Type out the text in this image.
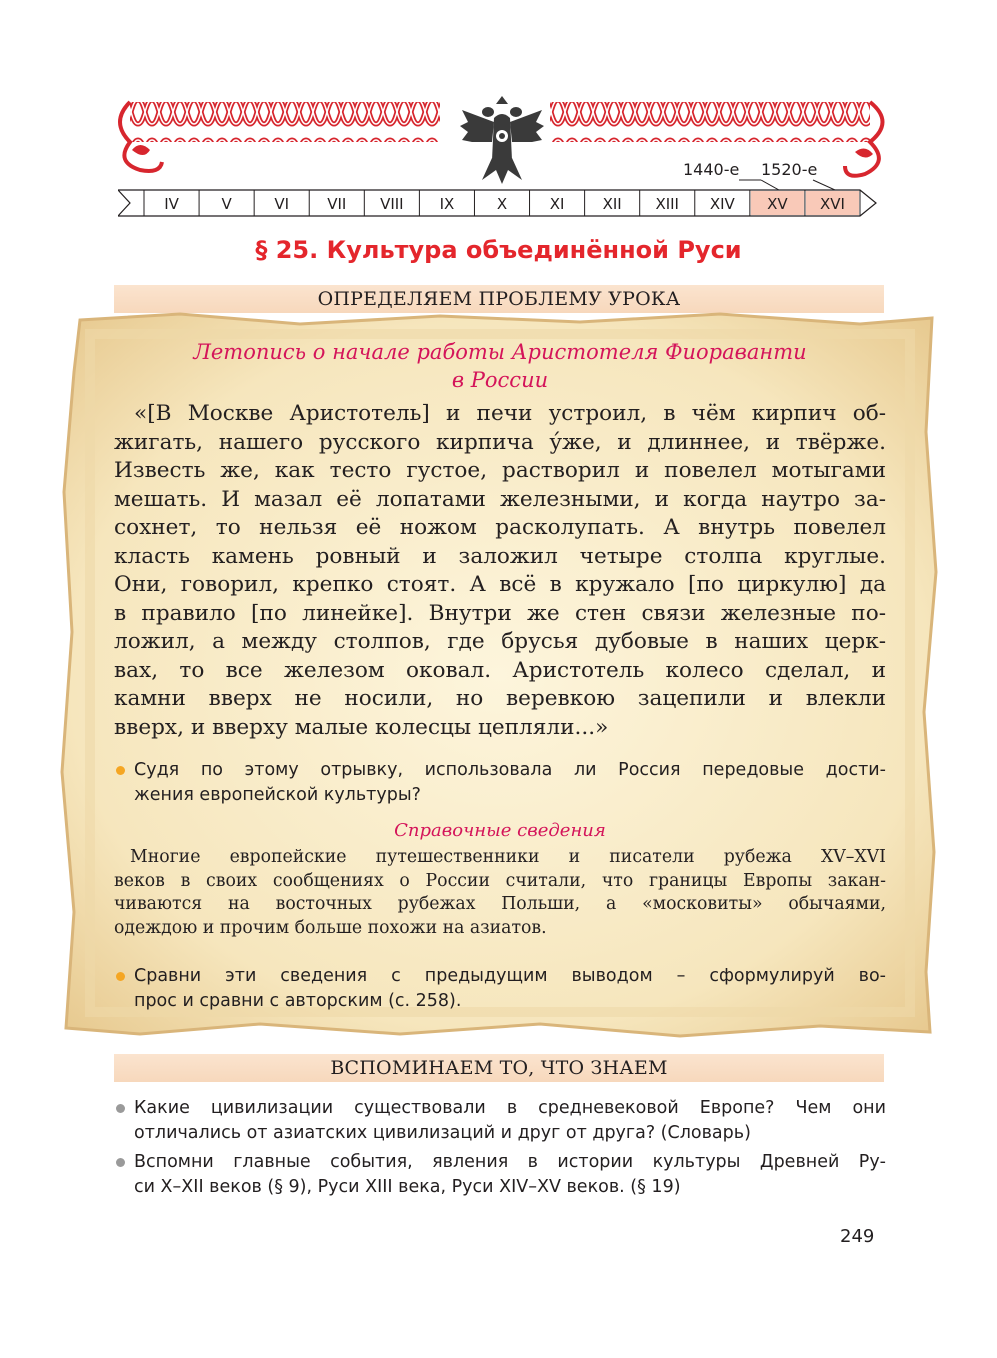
1440-е 1520-е
IV	V	VI	VII VIII IX	X	XI	XII XIII XIV XV XVI
§ 25. Культура объединённой Руси
ОПРЕДЕЛЯЕМ ПРОБЛЕМУ УРОКА
Летопись о начале работы Аристотеля Фиораванти
в России
«[В Москве Аристотель] и печи устроил, в чём кирпич об-
жигать, нашего русского кирпича у́же, и длиннее, и твёрже.
Известь же, как тесто густое, растворил и повелел мотыгами
мешать. И мазал её лопатами железными, и когда наутро за-
сохнет, то нельзя её ножом расколупать. А внутрь повелел
класть камень ровный и заложил четыре столпа круглые.
Они, говорил, крепко стоят. А всё в кружало [по циркулю] да
в правило [по линейке]. Внутри же стен связи железные по-
ложил, а между столпов, где брусья дубовые в наших церк-
вах, то все железом оковал. Аристотель колесо сделал, и
камни вверх не носили, но веревкою зацепили и влекли
вверх, и вверху малые колесцы цепляли...»
Судя по этому отрывку, использовала ли Россия передовые дости-
жения европейской культуры?
Справочные сведения
Многие европейские путешественники и писатели рубежа XV–XVI
веков в своих сообщениях о России считали, что границы Европы закан-
чиваются на восточных рубежах Польши, а «московиты» обычаями,
одеждою и прочим больше похожи на азиатов.
Сравни эти сведения с предыдущим выводом – сформулируй во-
прос и сравни с авторским (с. 258).
ВСПОМИНАЕМ ТО, ЧТО ЗНАЕМ
Какие цивилизации существовали в средневековой Европе? Чем они
отличались от азиатских цивилизаций и друг от друга? (Словарь)
Вспомни главные события, явления в истории культуры Древней Ру-
си X–XII веков (§ 9), Руси XIII века, Руси XIV–XV веков. (§ 19)
249
